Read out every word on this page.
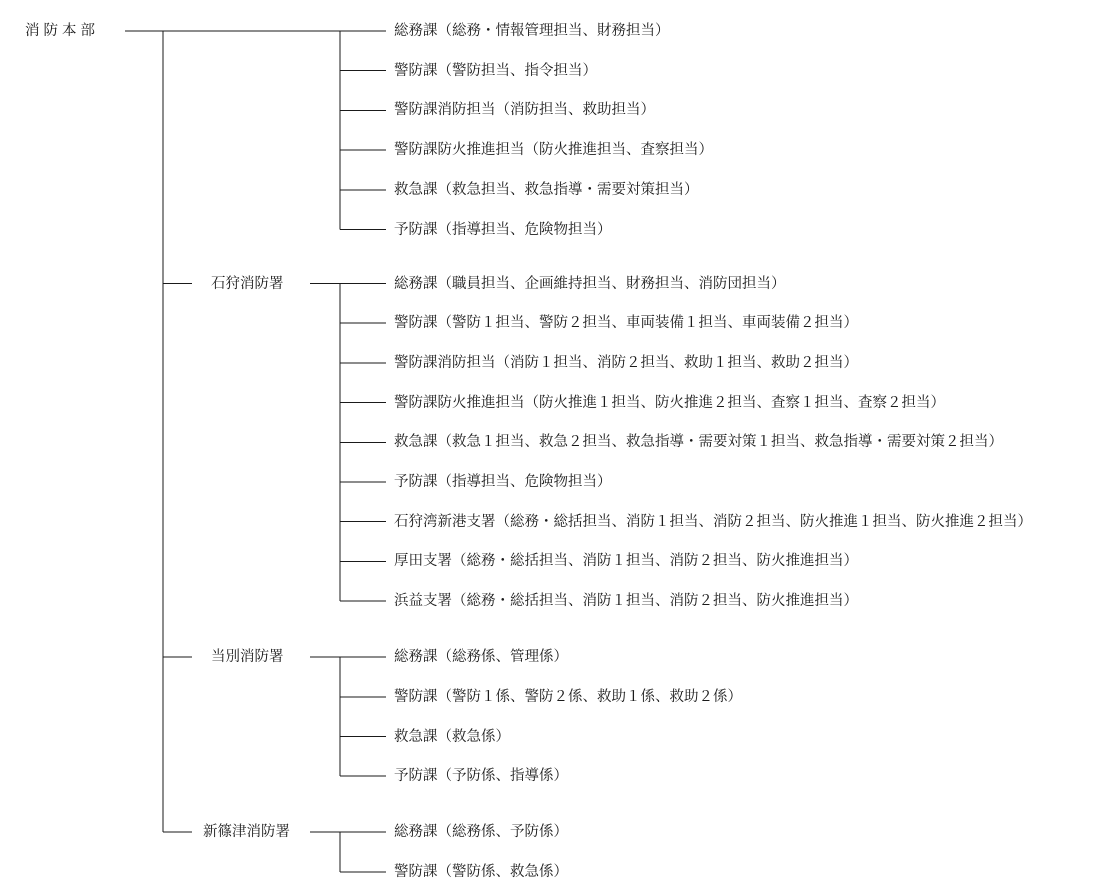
消防本部	総務課（総務・情報管理担当、財務担当）
警防課（警防担当、指令担当）
警防課消防担当（消防担当、救助担当）
警防課防火推進担当（防火推進担当、査察担当）
救急課（救急担当、救急指導・需要対策担当）
予防課（指導担当、危険物担当）
石狩消防署	総務課（職員担当、企画維持担当、財務担当、消防団担当）
警防課（警防１担当、警防２担当、車両装備１担当、車両装備２担当）
警防課消防担当（消防１担当、消防２担当、救助１担当、救助２担当）
警防課防火推進担当（防火推進１担当、防火推進２担当、査察１担当、査察２担当）
救急課（救急１担当、救急２担当、救急指導・需要対策１担当、救急指導・需要対策２担当）
予防課（指導担当、危険物担当）
石狩湾新港支署（総務・総括担当、消防１担当、消防２担当、防火推進１担当、防火推進２担当）
厚田支署（総務・総括担当、消防１担当、消防２担当、防火推進担当）
浜益支署（総務・総括担当、消防１担当、消防２担当、防火推進担当）
当別消防署	総務課（総務係、管理係）
警防課（警防１係、警防２係、救助１係、救助２係）
救急課（救急係）
予防課（予防係、指導係）
新篠津消防署	総務課（総務係、予防係）
警防課（警防係、救急係）
